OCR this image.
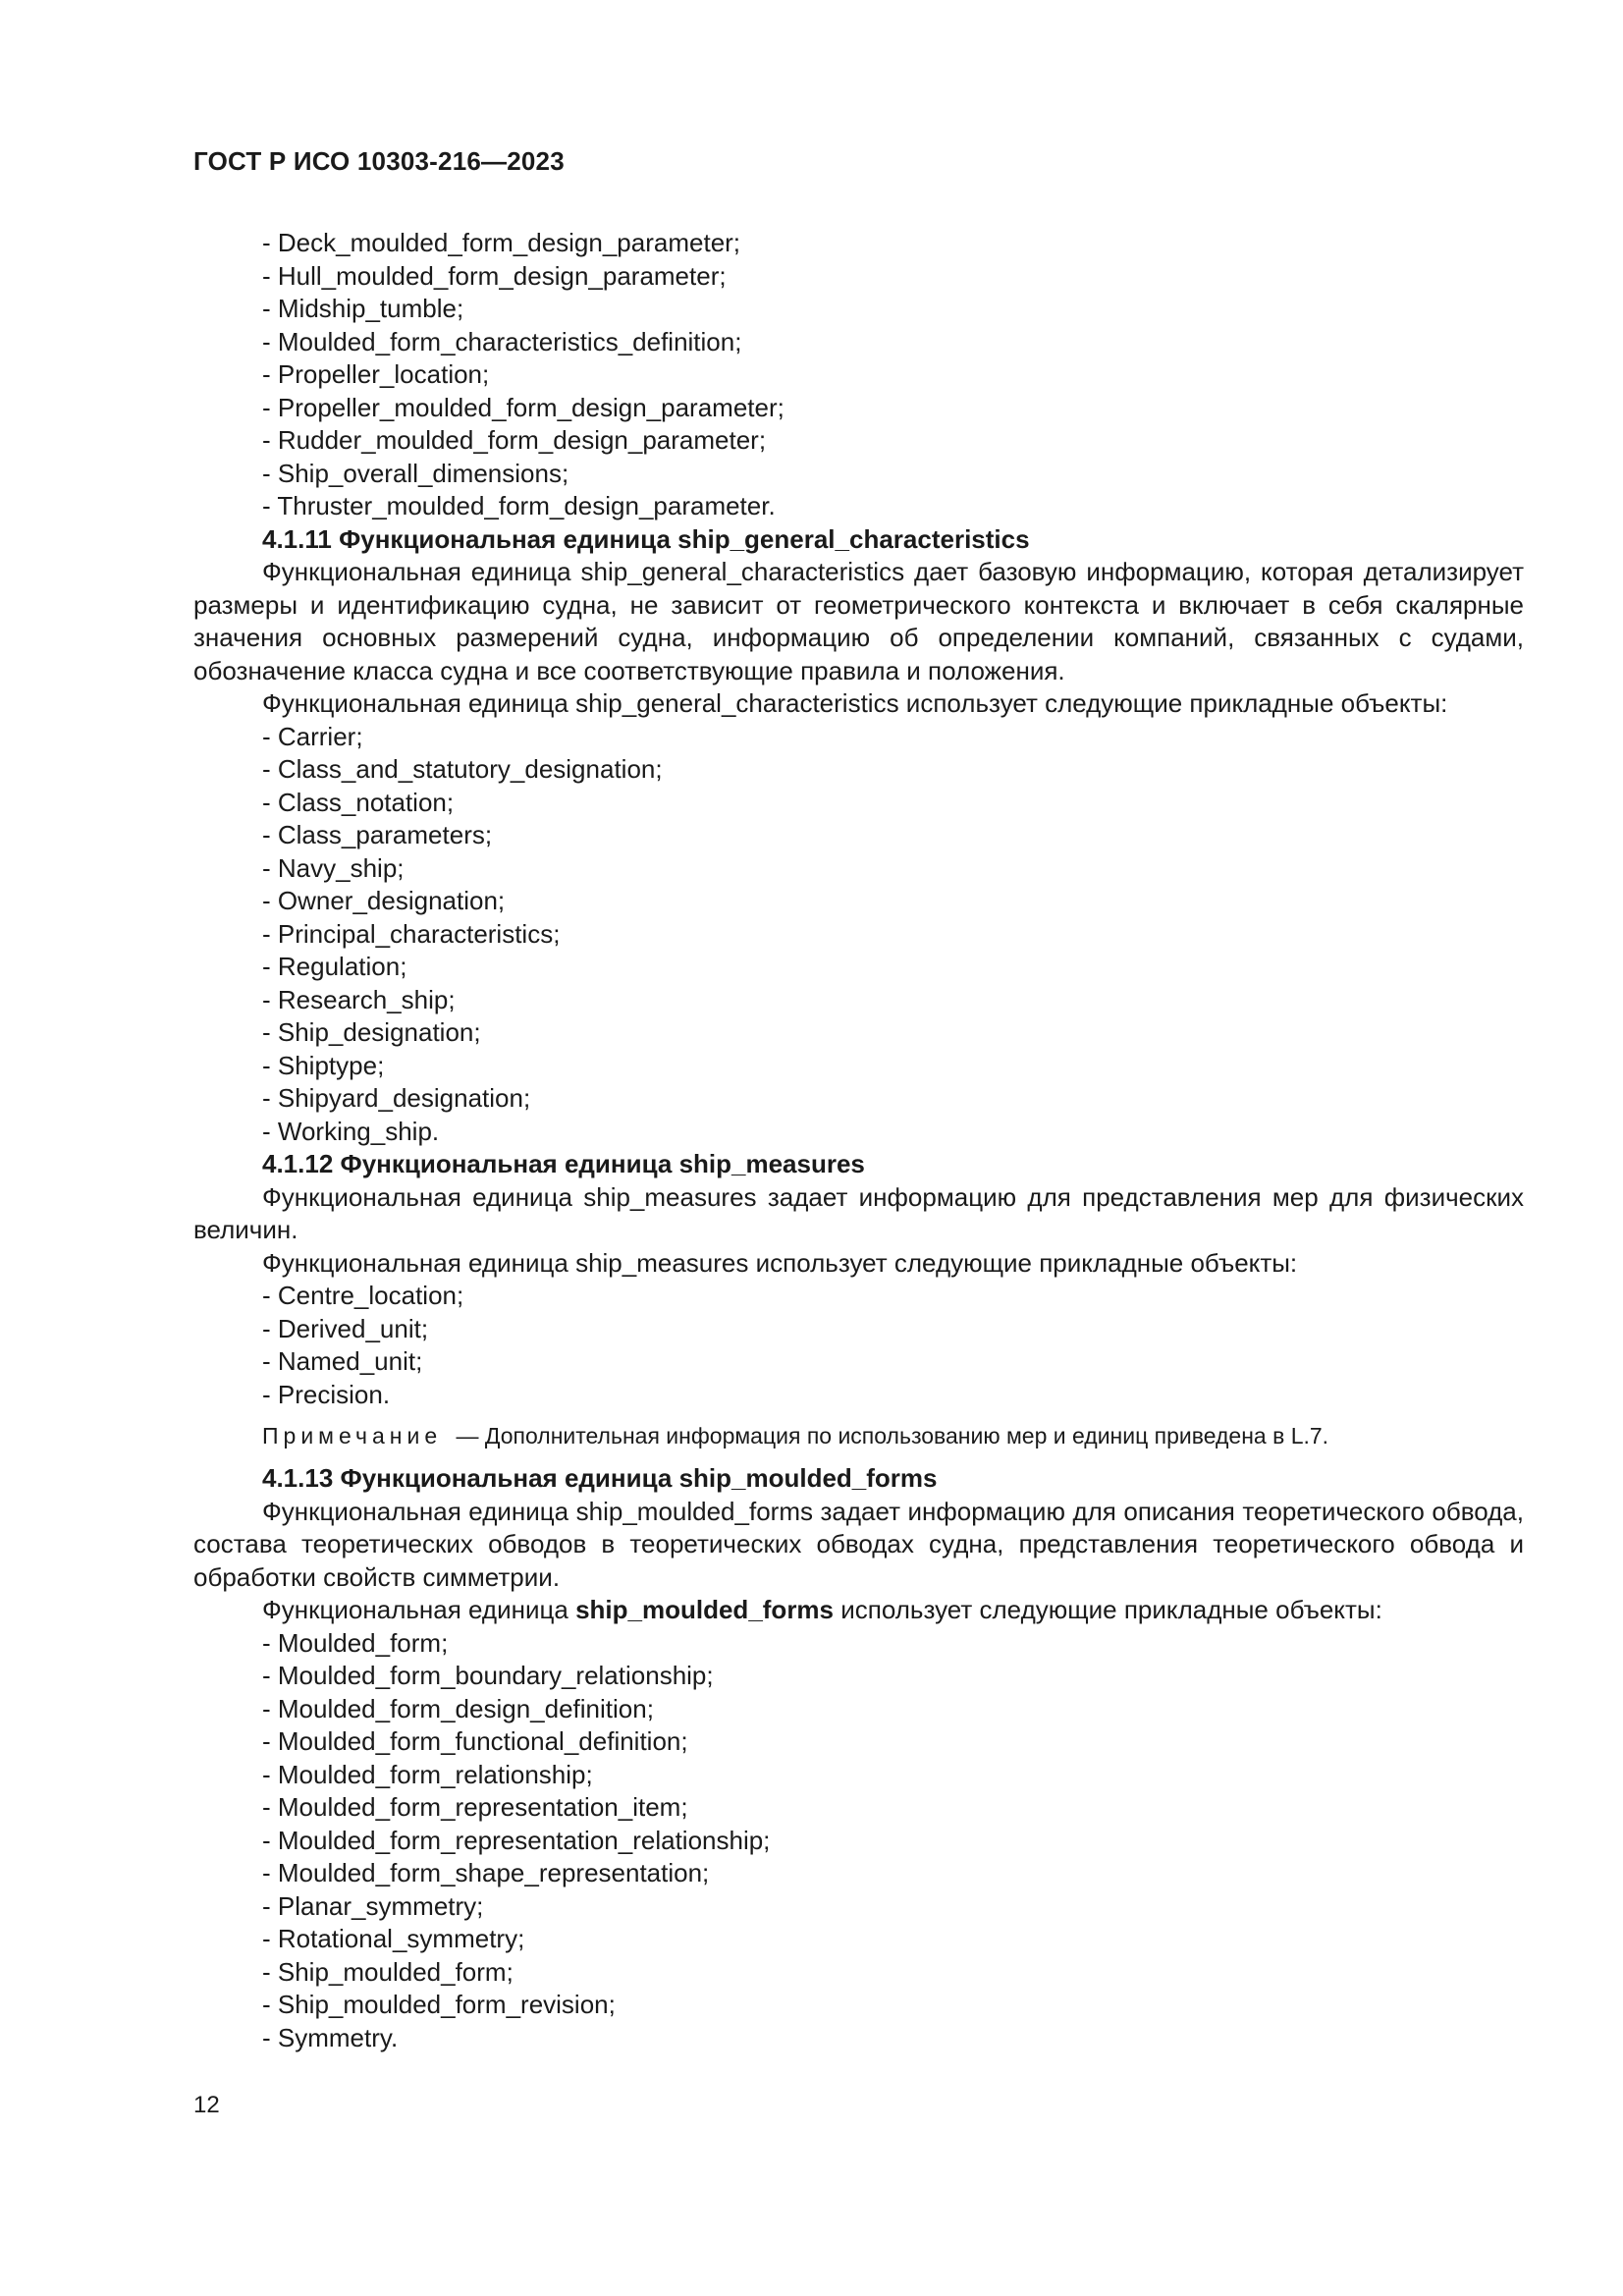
ГОСТ Р ИСО 10303-216—2023

- Deck_moulded_form_design_parameter;

- Hull_moulded_form_design_parameter;

- Midship_tumble;

- Moulded_form_characteristics_definition;

- Propeller_location;

- Propeller_moulded_form_design_parameter;

- Rudder_moulded_form_design_parameter;

- Ship_overall_dimensions;

- Thruster_moulded_form_design_parameter.

4.1.11 Функциональная единица ship_general_characteristics

Функциональная единица ship_general_characteristics дает базовую информацию, которая детализирует размеры и идентификацию судна, не зависит от геометрического контекста и включает в себя скалярные значения основных размерений судна, информацию об определении компаний, связанных с судами, обозначение класса судна и все соответствующие правила и положения.

Функциональная единица ship_general_characteristics использует следующие прикладные объекты:

- Carrier;

- Class_and_statutory_designation;

- Class_notation;

- Class_parameters;

- Navy_ship;

- Owner_designation;

- Principal_characteristics;

- Regulation;

- Research_ship;

- Ship_designation;

- Shiptype;

- Shipyard_designation;

- Working_ship.

4.1.12 Функциональная единица ship_measures

Функциональная единица ship_measures задает информацию для представления мер для физических величин.

Функциональная единица ship_measures использует следующие прикладные объекты:

- Centre_location;

- Derived_unit;

- Named_unit;

- Precision.

Примечание — Дополнительная информация по использованию мер и единиц приведена в L.7.

4.1.13 Функциональная единица ship_moulded_forms

Функциональная единица ship_moulded_forms задает информацию для описания теоретического обвода, состава теоретических обводов в теоретических обводах судна, представления теоретического обвода и обработки свойств симметрии.

Функциональная единица ship_moulded_forms использует следующие прикладные объекты:

- Moulded_form;

- Moulded_form_boundary_relationship;

- Moulded_form_design_definition;

- Moulded_form_functional_definition;

- Moulded_form_relationship;

- Moulded_form_representation_item;

- Moulded_form_representation_relationship;

- Moulded_form_shape_representation;

- Planar_symmetry;

- Rotational_symmetry;

- Ship_moulded_form;

- Ship_moulded_form_revision;

- Symmetry.

12
